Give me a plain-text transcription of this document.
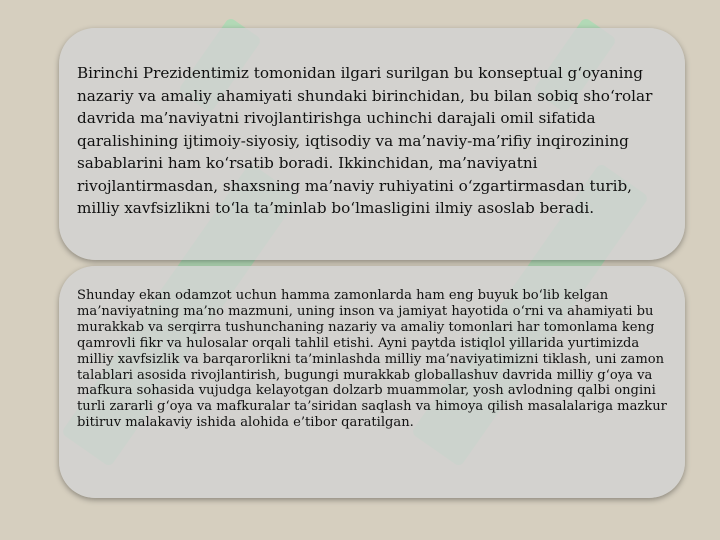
Birinchi Prezidentimiz tomonidan ilgari surilgan bu konseptual g‘oyaning nazariy va amaliy ahamiyati shundaki birinchidan, bu bilan sobiq sho‘rolar davrida ma’naviyatni rivojlantirishga uchinchi darajali omil sifatida qaralishining ijtimoiy-siyosiy, iqtisodiy va ma’naviy-ma’rifiy inqirozining sabablarini ham ko‘rsatib boradi. Ikkinchidan, ma’naviyatni rivojlantirmasdan, shaxsning ma’naviy ruhiyatini o‘zgartirmasdan turib, milliy xavfsizlikni to‘la ta’minlab bo‘lmasligini ilmiy asoslab beradi.

Shunday ekan odamzot uchun hamma zamonlarda ham eng buyuk bo‘lib kelgan ma’naviyatning ma’no mazmuni, uning inson va jamiyat hayotida o‘rni va ahamiyati bu murakkab va serqirra tushunchaning nazariy va amaliy tomonlari har tomonlama keng qamrovli fikr va hulosalar orqali tahlil etishi. Ayni paytda istiqlol yillarida yurtimizda milliy xavfsizlik va barqarorlikni ta’minlashda milliy ma’naviyatimizni tiklash, uni zamon talablari asosida rivojlantirish, bugungi murakkab globallashuv davrida milliy g‘oya va mafkura sohasida vujudga kelayotgan dolzarb muammolar, yosh avlodning qalbi ongini turli zararli g‘oya va mafkuralar ta’siridan saqlash va himoya qilish masalalariga mazkur bitiruv malakaviy ishida alohida e’tibor qaratilgan.
